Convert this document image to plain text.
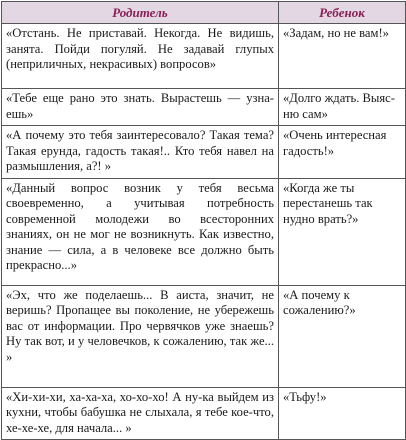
Родитель	Ребенок
«Отстань. Не приставай. Некогда. Не видишь, занята. Пойди погуляй. Не задавай глупых (неприличных, некрасивых) вопросов»	«Задам, но не вам!»
«Тебе еще рано это знать. Вырастешь — узнаешь»	«Долго ждать. Выясню сам»
«А почему это тебя заинтересовало? Такая тема? Такая ерунда, гадость такая!.. Кто тебя навел на размышления, а?! »	«Очень интересная гадость!»
«Данный вопрос возник у тебя весьма своевременно, а учитывая потребность современной молодежи во всесторонних знаниях, он не мог не возникнуть. Как известно, знание — сила, а в человеке все должно быть прекрасно...»	«Когда же ты перестанешь так нудно врать?»
«Эх, что же поделаешь... В аиста, значит, не веришь? Пропащее вы поколение, не убережешь вас от информации. Про червячков уже знаешь? Ну так вот, и у человечков, к сожалению, так же... »	«А почему к сожалению?»
«Хи-хи-хи, ха-ха-ха, хо-хо-хо! А ну-ка выйдем из кухни, чтобы бабушка не слыхала, я тебе кое-что, хе-хе-хе, для начала... »	«Тьфу!»
